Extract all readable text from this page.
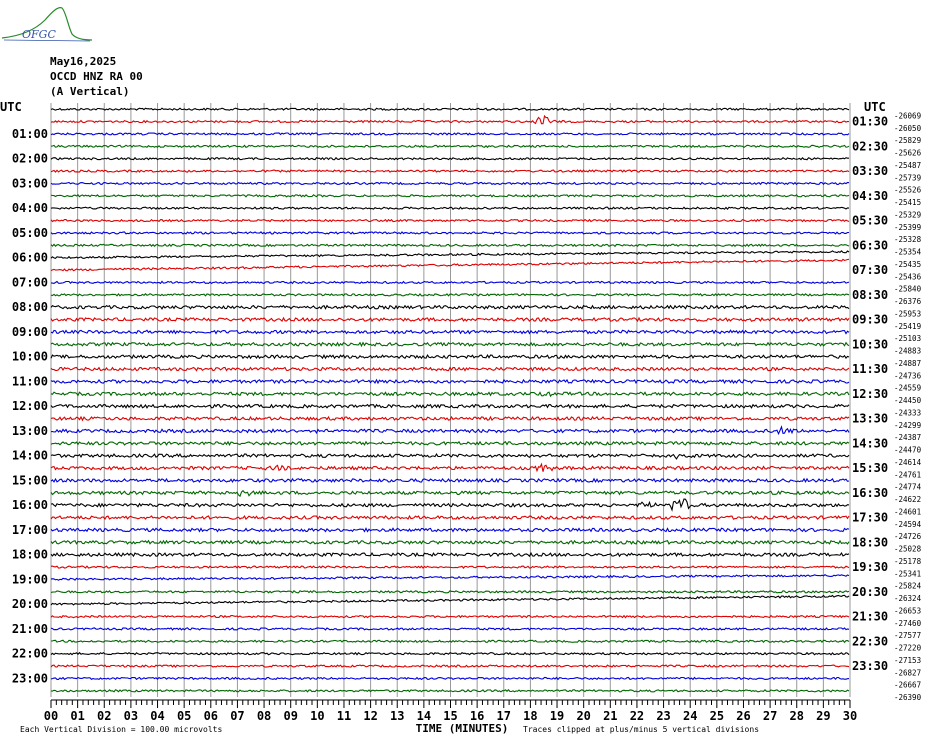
UTC	UTC
01:00
02:00
03:00
04:00
05:00
06:00
07:00
08:00
09:00
10:00
11:00
12:00
13:00
14:00
15:00
16:00
17:00
18:00
19:00
20:00
21:00
22:00
23:00
01:30
02:30
03:30
04:30
05:30
06:30
07:30
08:30
09:30
10:30
11:30
12:30
13:30
14:30
15:30
16:30
17:30
18:30
19:30
20:30
21:30
22:30
23:30
-26069
-26050
-25829
-25626
-25487
-25739
-25526
-25415
-25329
-25399
-25328
-25354
-25435
-25436
-25840
-26376
-25953
-25419
-25103
-24883
-24887
-24736
-24559
-24450
-24333
-24299
-24387
-24470
-24614
-24761
-24774
-24622
-24601
-24594
-24726
-25028
-25178
-25341
-25824
-26324
-26653
-27460
-27577
-27220
-27153
-26827
-26667
-26390
00 01 02 03 04 05 06 07 08 09 10 11 12 13 14 15 16 17 18 19 20 21 22 23 24 25 26 27 28 29 30
TIME (MINUTES)
Each Vertical Division = 100.00 microvolts	Traces clipped at plus/minus 5 vertical divisions
OFGC
May16,2025
OCCD HNZ RA 00
(A Vertical)
